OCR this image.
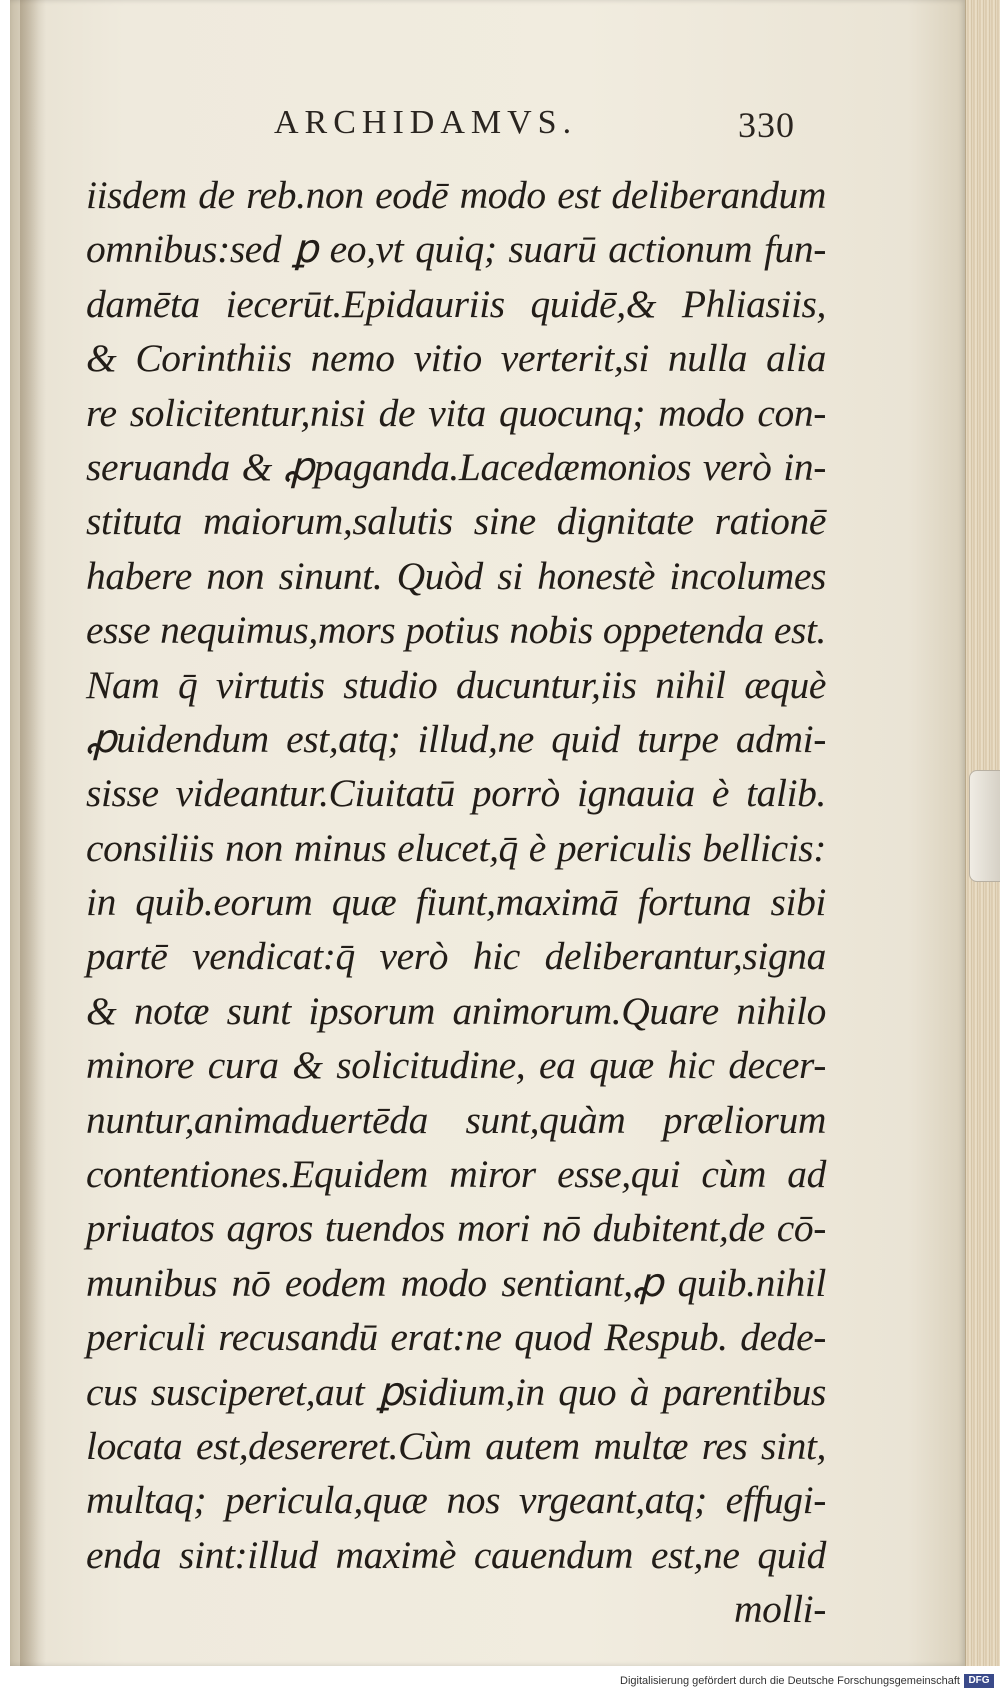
ARCHIDAMVS.	330
iisdem de reb.non eodē modo est deliberandum
omnibus:sed ꝑ eo,vt quiq; suarū actionum fun-
damēta iecerūt.Epidauriis quidē,& Phliasiis,
& Corinthiis nemo vitio verterit,si nulla alia
re solicitentur,nisi de vita quocunq; modo con-
seruanda & ꝓpaganda.Lacedæmonios verò in-
stituta maiorum,salutis sine dignitate rationē
habere non sinunt. Quòd si honestè incolumes
esse nequimus,mors potius nobis oppetenda est.
Nam q̄ virtutis studio ducuntur,iis nihil æquè
ꝓuidendum est,atq; illud,ne quid turpe admi-
sisse videantur.Ciuitatū porrò ignauia è talib.
consiliis non minus elucet,q̄ è periculis bellicis:
in quib.eorum quæ fiunt,maximā fortuna sibi
partē vendicat:q̄ verò hic deliberantur,signa
& notæ sunt ipsorum animorum.Quare nihilo
minore cura & solicitudine, ea quæ hic decer-
nuntur,animaduertēda sunt,quàm prӕliorum
contentiones.Equidem miror esse,qui cùm ad
priuatos agros tuendos mori nō dubitent,de cō-
munibus nō eodem modo sentiant,ꝓ quib.nihil
periculi recusandū erat:ne quod Respub. dede-
cus susciperet,aut ꝑsidium,in quo à parentibus
locata est,desereret.Cùm autem multæ res sint,
multaq; pericula,quæ nos vrgeant,atq; effugi-
enda sint:illud maximè cauendum est,ne quid
molli-
Digitalisierung gefördert durch die Deutsche Forschungsgemeinschaft DFG
